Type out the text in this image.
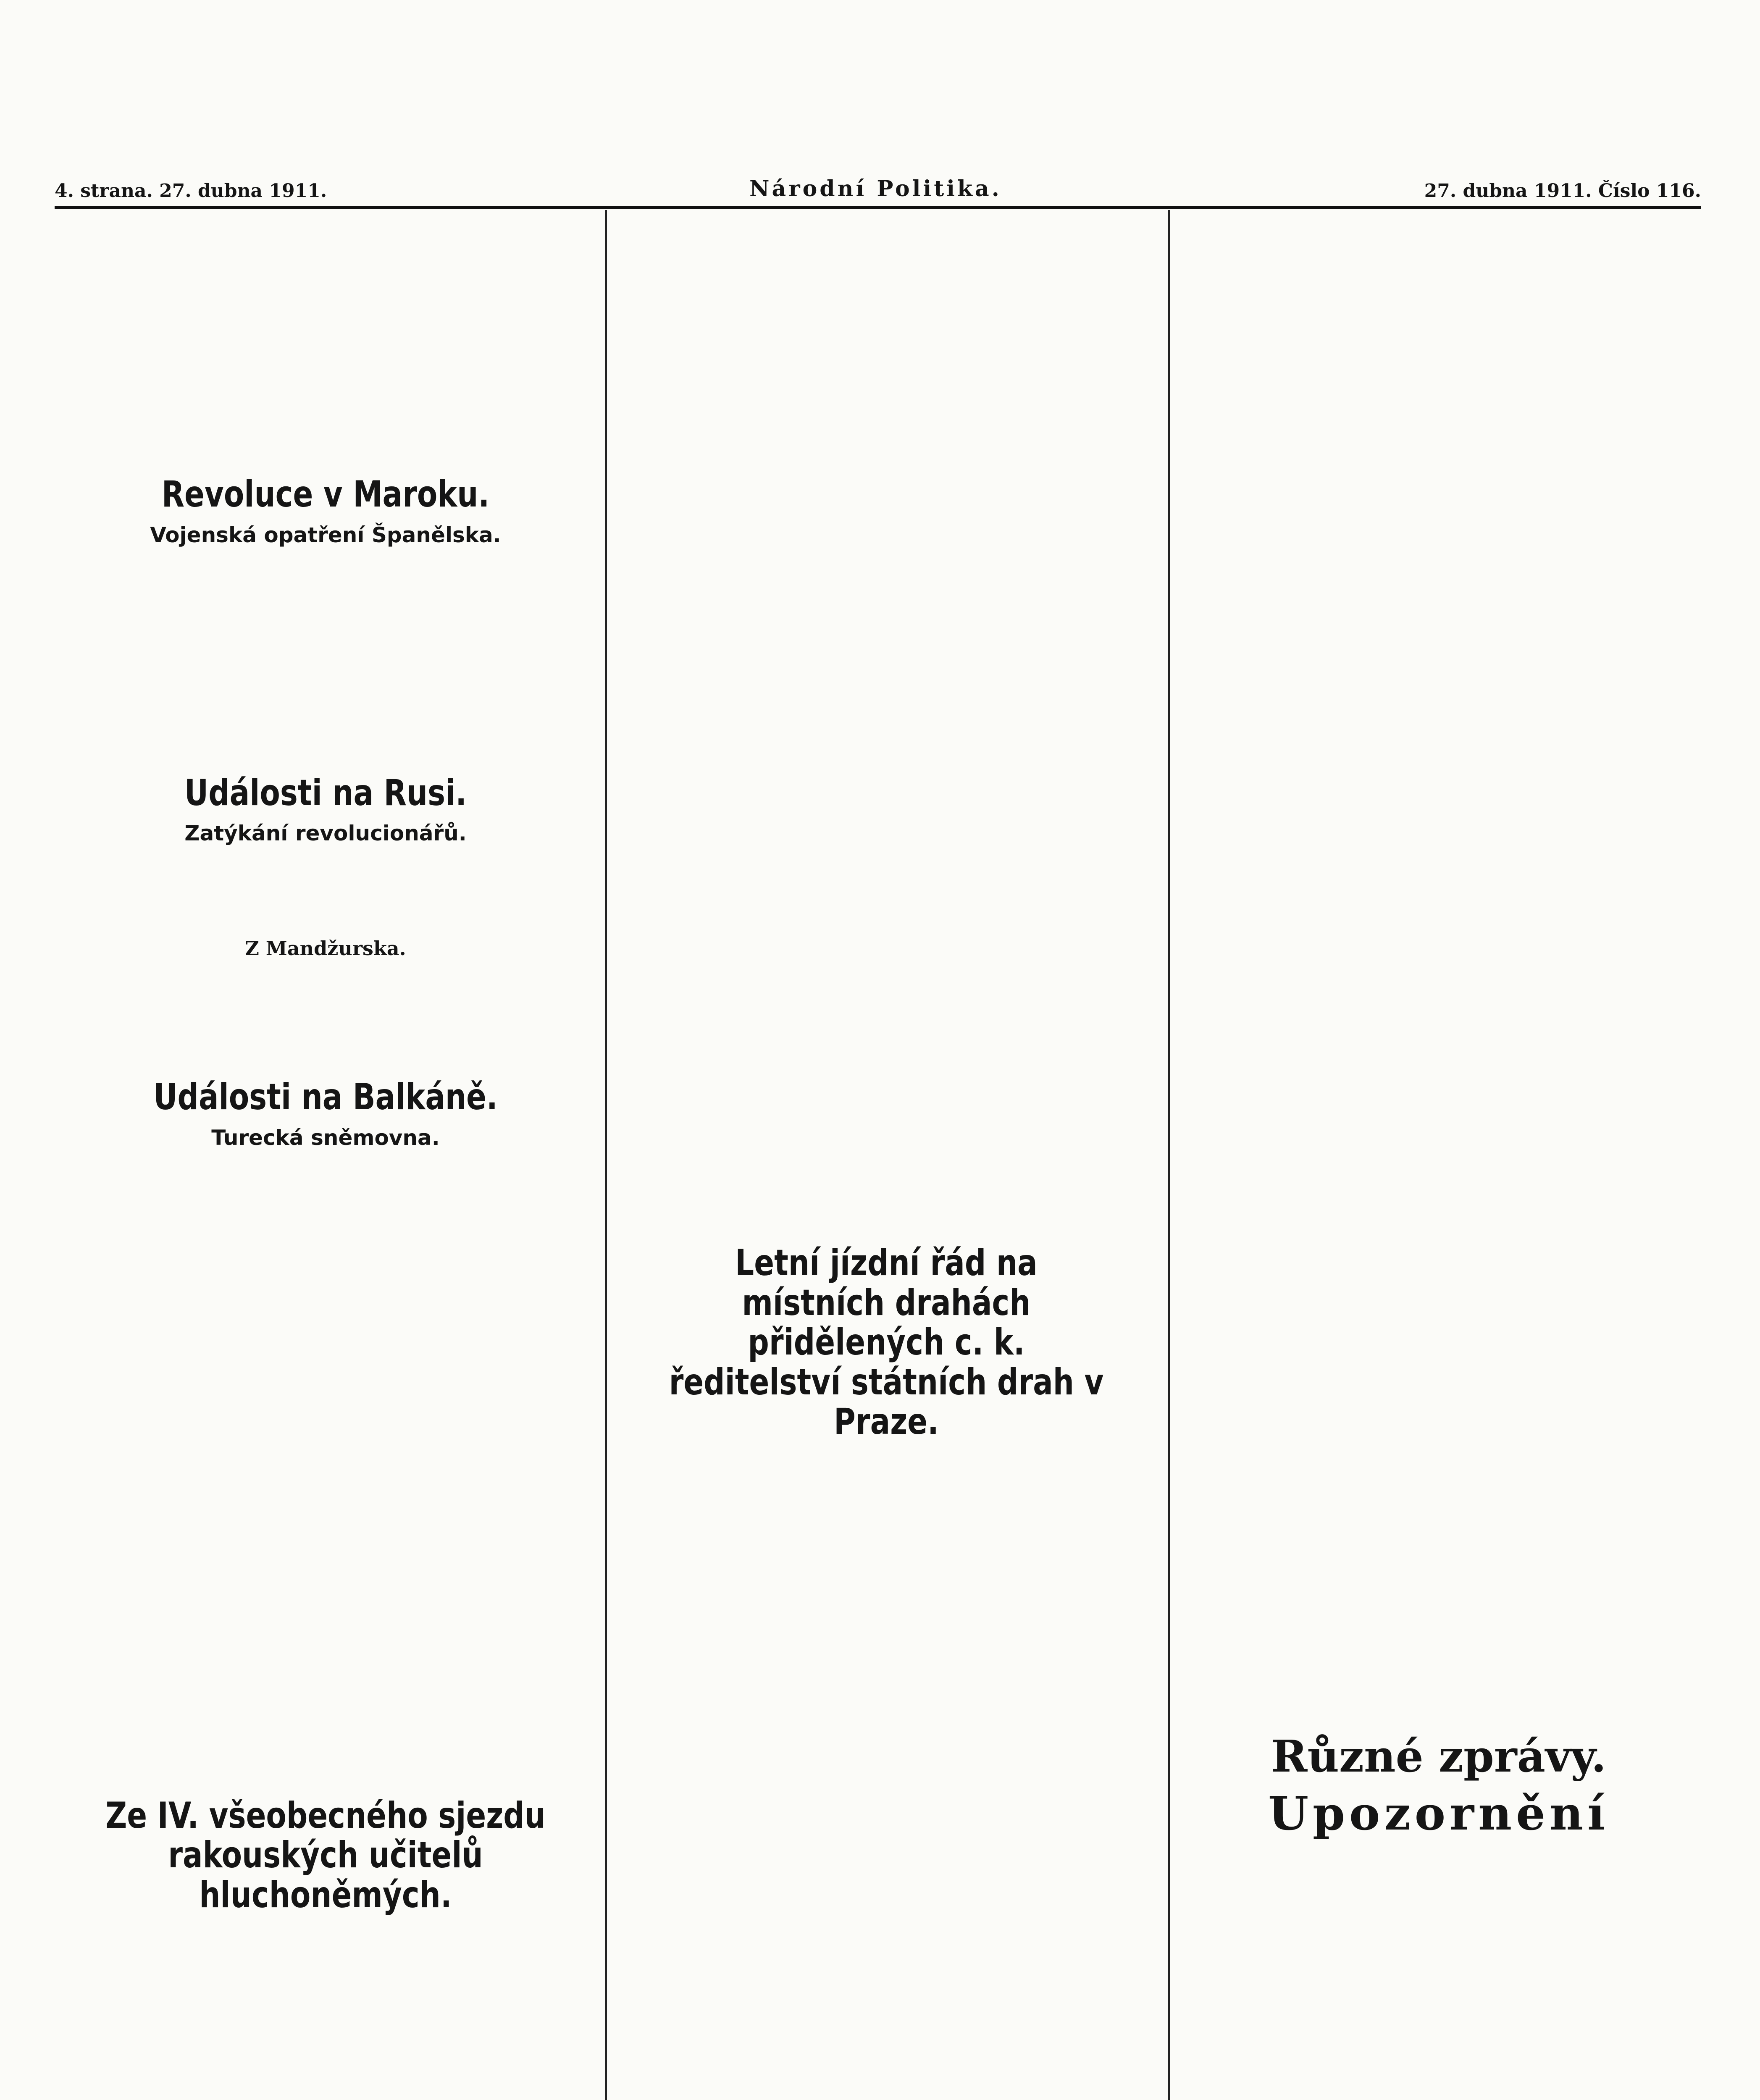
4. strana. 27. dubna 1911.	Národní Politika.	27. dubna 1911. Číslo 116.
Revoluce v Maroku.
Vojenská opatření Španělska.
Události na Rusi.
Zatýkání revolucionářů.
Z Mandžurska.
Události na Balkáně.
Turecká sněmovna.
Ze IV. všeobecného sjezdu rakouských učitelů hluchoněmých.
Letní jízdní řád na místních drahách přidělených c. k. ředitelství státních drah v Praze.
Různé zprávy.
Upozornění
